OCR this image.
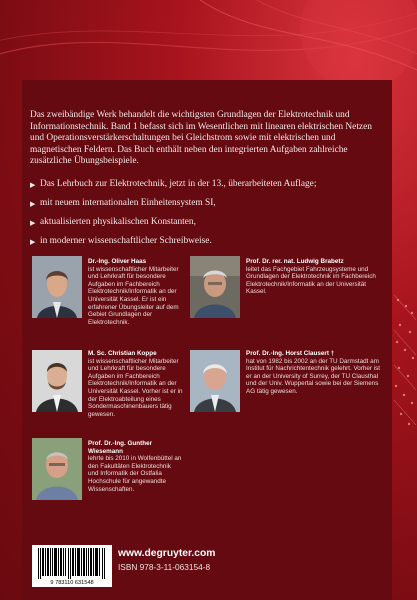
Das zweibändige Werk behandelt die wichtigsten Grundlagen der Elektrotechnik und Informationstechnik. Band 1 befasst sich im Wesentlichen mit linearen elektrischen Netzen und Operationsverstärkerschaltungen bei Gleichstrom sowie mit elektrischen und magnetischen Feldern. Das Buch enthält neben den integrierten Aufgaben zahlreiche zusätzliche Übungsbeispiele.
▶ Das Lehrbuch zur Elektrotechnik, jetzt in der 13., überarbeiteten Auflage;
▶ mit neuem internationalen Einheitensystem SI,
▶ aktualisierten physikalischen Konstanten,
▶ in moderner wissenschaftlicher Schreibweise.
Dr.-Ing. Oliver Haas
ist wissenschaftlicher Mitarbeiter und Lehrkraft für besondere Aufgaben im Fachbereich Elektrotechnik/Informatik an der Universität Kassel. Er ist ein erfahrener Übungsleiter auf dem Gebiet Grundlagen der Elektrotechnik.
Prof. Dr. rer. nat. Ludwig Brabetz
leitet das Fachgebiet Fahrzeugsysteme und Grundlagen der Elektrotechnik im Fachbereich Elektrotechnik/Informatik an der Universität Kassel.
M. Sc. Christian Koppe
ist wissenschaftlicher Mitarbeiter und Lehrkraft für besondere Aufgaben im Fachbereich Elektrotechnik/Informatik an der Universität Kassel. Vorher ist er in der Elektroabteilung eines Sondermaschinenbauers tätig gewesen.
Prof. Dr.-Ing. Horst Clausert †
hat von 1982 bis 2002 an der TU Darmstadt am Institut für Nachrichtentechnik gelehrt. Vorher ist er an der University of Surrey, der TU Clausthal und der Univ. Wuppertal sowie bei der Siemens AG tätig gewesen.
Prof. Dr.-Ing. Gunther Wiesemann
lehrte bis 2010 in Wolfenbüttel an den Fakultäten Elektrotechnik und Informatik der Ostfalia Hochschule für angewandte Wissenschaften.
9 783110 631548
www.degruyter.com
ISBN 978-3-11-063154-8
